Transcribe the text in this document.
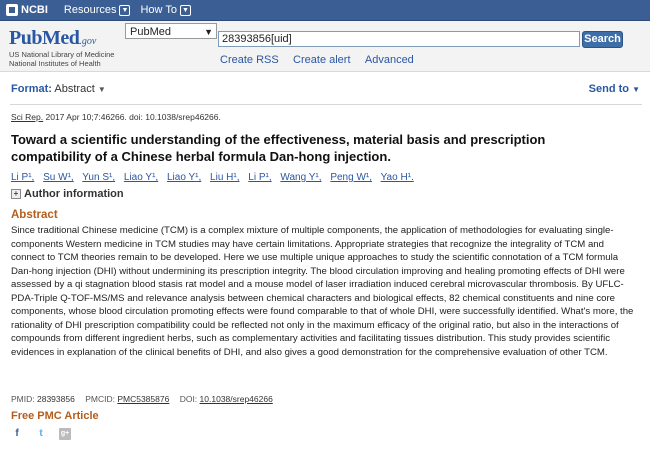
NCBI Resources ▼ How To ▼
PubMed.gov
US National Library of Medicine
National Institutes of Health
PubMed	▼
28393856[uid]	Search
Create RSS Create alert Advanced
Format: Abstract ▼	Send to ▼
Sci Rep. 2017 Apr 10;7:46266. doi: 10.1038/srep46266.
Toward a scientific understanding of the effectiveness, material basis and prescription compatibility of a Chinese herbal formula Dan-hong injection.
Li P¹, Su W¹, Yun S¹, Liao Y¹, Liao Y¹, Liu H¹, Li P¹, Wang Y¹, Peng W¹, Yao H¹.
+ Author information
Abstract
Since traditional Chinese medicine (TCM) is a complex mixture of multiple components, the application of methodologies for evaluating single-components Western medicine in TCM studies may have certain limitations. Appropriate strategies that recognize the integrality of TCM and connect to TCM theories remain to be developed. Here we use multiple unique approaches to study the scientific connotation of a TCM formula Dan-hong injection (DHI) without undermining its prescription integrity. The blood circulation improving and healing promoting effects of DHI were assessed by a qi stagnation blood stasis rat model and a mouse model of laser irradiation induced cerebral microvascular thrombosis. By UFLC-PDA-Triple Q-TOF-MS/MS and relevance analysis between chemical characters and biological effects, 82 chemical constituents and nine core components, whose blood circulation promoting effects were found comparable to that of whole DHI, were successfully identified. What's more, the rationality of DHI prescription compatibility could be reflected not only in the maximum efficacy of the original ratio, but also in the interactions of compounds from different ingredient herbs, such as complementary activities and facilitating tissues distribution. This study provides scientific evidences in explanation of the clinical benefits of DHI, and also gives a good demonstration for the comprehensive evaluation of other TCM.
PMID: 28393856 PMCID: PMC5385876 DOI: 10.1038/srep46266
Free PMC Article
f	t	g+
